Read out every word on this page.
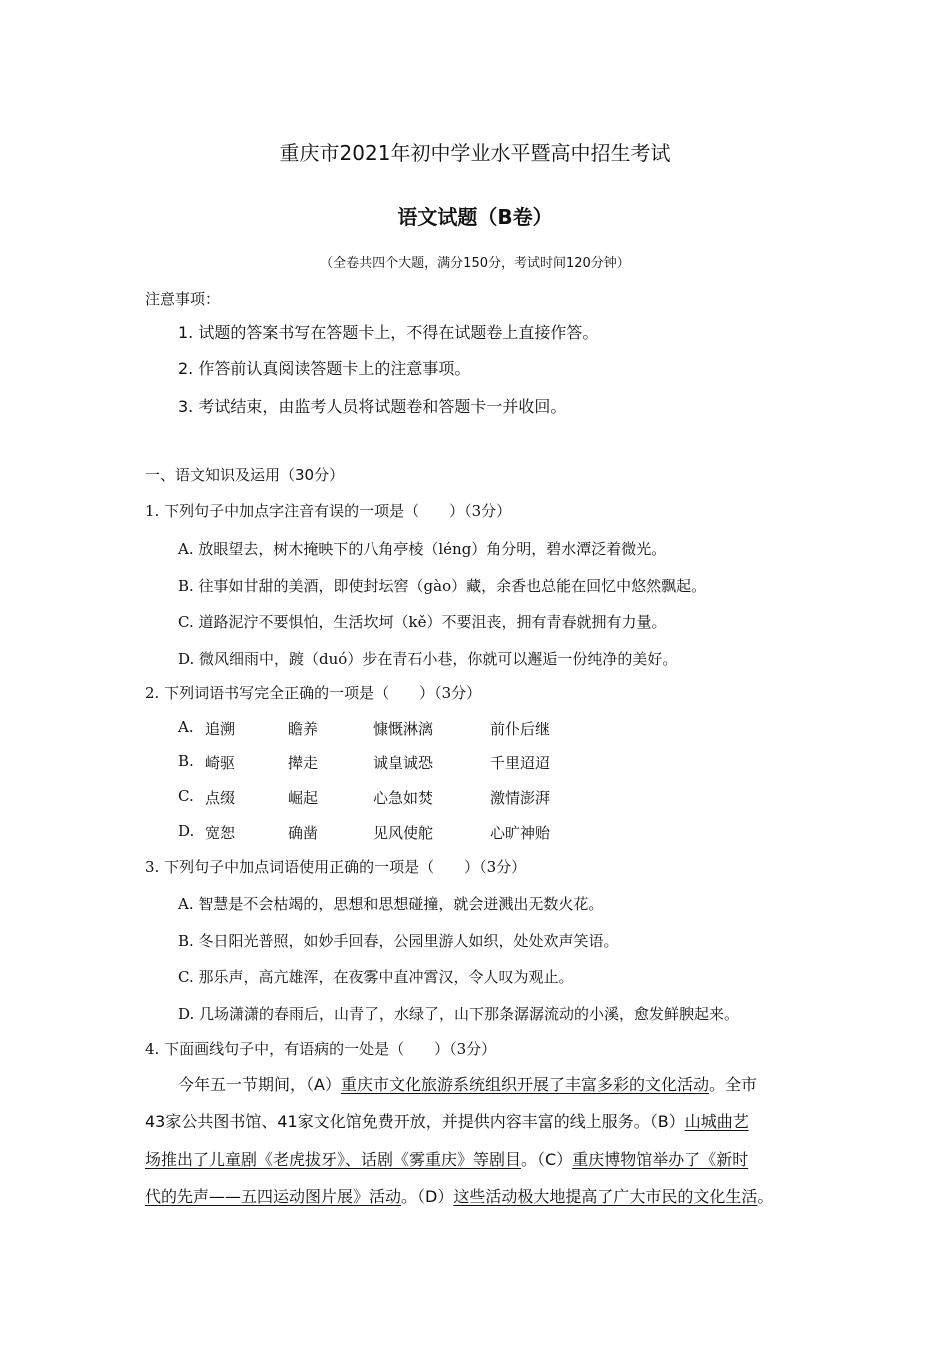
重庆市2021年初中学业水平暨高中招生考试
语文试题（B卷）
（全卷共四个大题，满分150分，考试时间120分钟）
注意事项：
1. 试题的答案书写在答题卡上，不得在试题卷上直接作答。
2. 作答前认真阅读答题卡上的注意事项。
3. 考试结束，由监考人员将试题卷和答题卡一并收回。
一、语文知识及运用（30分）
1. 下列句子中加点字注音有误的一项是（　　）（3分）
A. 放眼望去，树木掩映下的八角亭棱（léng）角分明，碧水潭泛着微光。
B. 往事如甘甜的美酒，即使封坛窖（gào）藏，余香也总能在回忆中悠然飘起。
C. 道路泥泞不要惧怕，生活坎坷（kě）不要沮丧，拥有青春就拥有力量。
D. 微风细雨中，踱（duó）步在青石小巷，你就可以邂逅一份纯净的美好。
2. 下列词语书写完全正确的一项是（　　）（3分）
A. 追溯	瞻养	慷慨淋漓	前仆后继
B. 崎驱	撵走	诚皇诚恐	千里迢迢
C. 点缀	崛起	心急如焚	激情澎湃
D. 宽恕	确凿	见风使舵	心旷神贻
3. 下列句子中加点词语使用正确的一项是（　　）（3分）
A. 智慧是不会枯竭的，思想和思想碰撞，就会迸溅出无数火花。
B. 冬日阳光普照，如妙手回春，公园里游人如织，处处欢声笑语。
C. 那乐声，高亢雄浑，在夜雾中直冲霄汉，令人叹为观止。
D. 几场潇潇的春雨后，山青了，水绿了，山下那条潺潺流动的小溪，愈发鲜腴起来。
4. 下面画线句子中，有语病的一处是（　　）（3分）
今年五一节期间，（A）重庆市文化旅游系统组织开展了丰富多彩的文化活动。全市
43家公共图书馆、41家文化馆免费开放，并提供内容丰富的线上服务。（B）山城曲艺
场推出了儿童剧《老虎拔牙》、话剧《雾重庆》等剧目。（C）重庆博物馆举办了《新时
代的先声——五四运动图片展》活动。（D）这些活动极大地提高了广大市民的文化生活。
